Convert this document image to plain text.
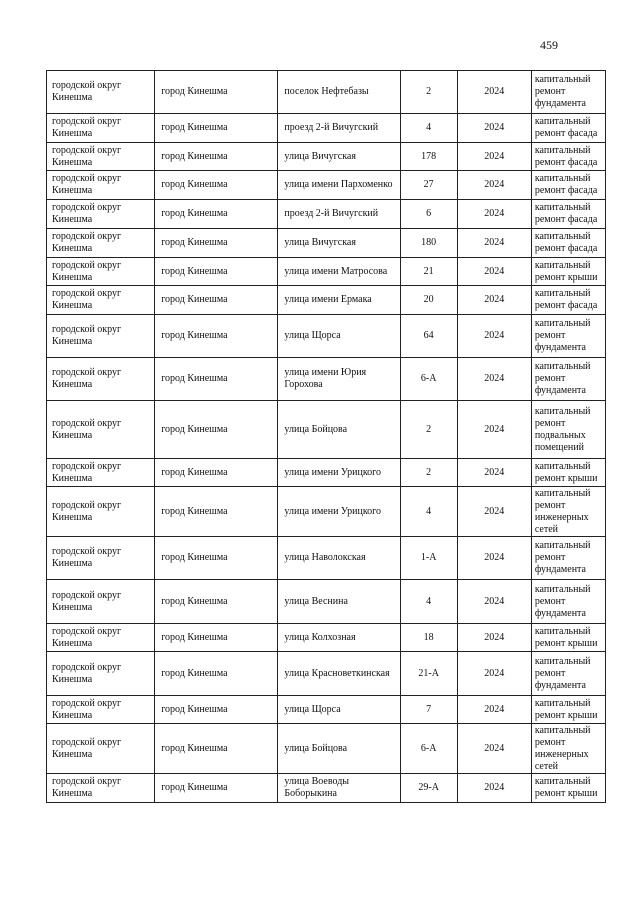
459
городской округ Кинешма	город Кинешма	поселок Нефтебазы	2	2024	капитальный ремонт фундамента
городской округ Кинешма	город Кинешма	проезд 2-й Вичугский	4	2024	капитальный ремонт фасада
городской округ Кинешма	город Кинешма	улица Вичугская	178	2024	капитальный ремонт фасада
городской округ Кинешма	город Кинешма	улица имени Пархоменко	27	2024	капитальный ремонт фасада
городской округ Кинешма	город Кинешма	проезд 2-й Вичугский	6	2024	капитальный ремонт фасада
городской округ Кинешма	город Кинешма	улица Вичугская	180	2024	капитальный ремонт фасада
городской округ Кинешма	город Кинешма	улица имени Матросова	21	2024	капитальный ремонт крыши
городской округ Кинешма	город Кинешма	улица имени Ермака	20	2024	капитальный ремонт фасада
городской округ Кинешма	город Кинешма	улица Щорса	64	2024	капитальный ремонт фундамента
городской округ Кинешма	город Кинешма	улица имени Юрия Горохова	6-А	2024	капитальный ремонт фундамента
городской округ Кинешма	город Кинешма	улица Бойцова	2	2024	капитальный ремонт подвальных помещений
городской округ Кинешма	город Кинешма	улица имени Урицкого	2	2024	капитальный ремонт крыши
городской округ Кинешма	город Кинешма	улица имени Урицкого	4	2024	капитальный ремонт инженерных сетей
городской округ Кинешма	город Кинешма	улица Наволокская	1-А	2024	капитальный ремонт фундамента
городской округ Кинешма	город Кинешма	улица Веснина	4	2024	капитальный ремонт фундамента
городской округ Кинешма	город Кинешма	улица Колхозная	18	2024	капитальный ремонт крыши
городской округ Кинешма	город Кинешма	улица Красноветкинская	21-А	2024	капитальный ремонт фундамента
городской округ Кинешма	город Кинешма	улица Щорса	7	2024	капитальный ремонт крыши
городской округ Кинешма	город Кинешма	улица Бойцова	6-А	2024	капитальный ремонт инженерных сетей
городской округ Кинешма	город Кинешма	улица Воеводы Боборыкина	29-А	2024	капитальный ремонт крыши
